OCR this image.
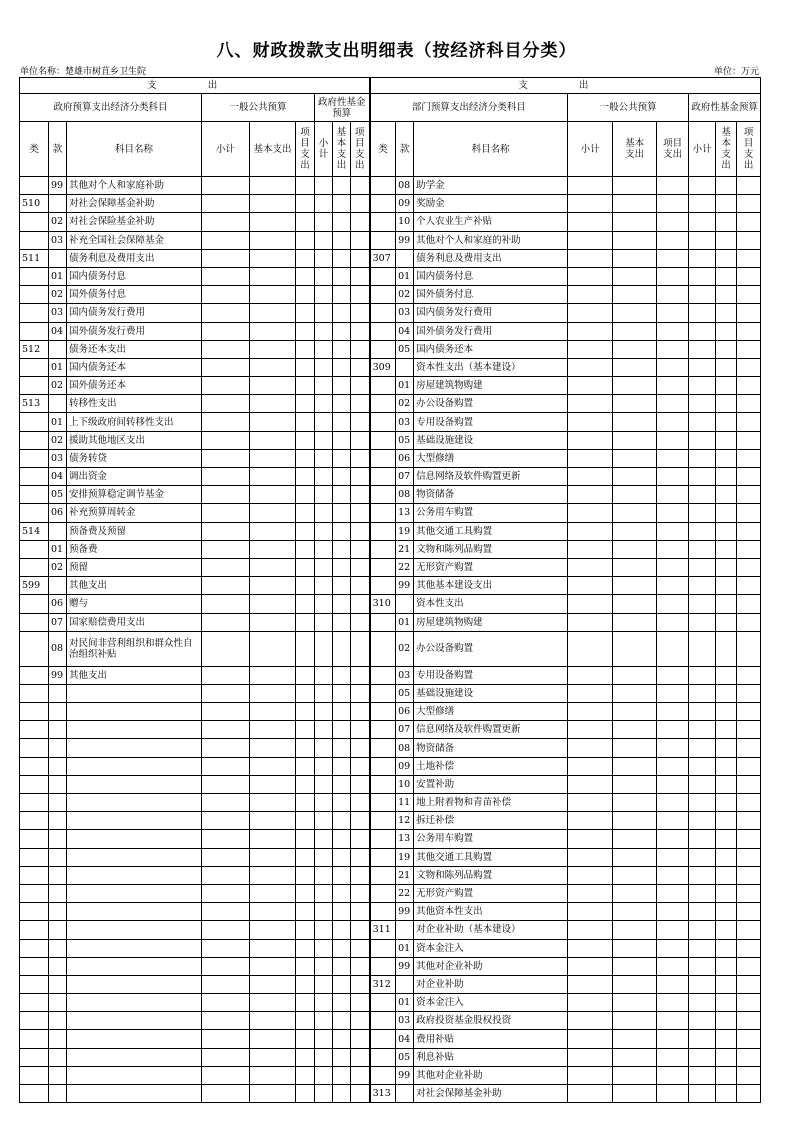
八、财政拨款支出明细表（按经济科目分类）
单位名称：楚雄市树苴乡卫生院	单位：万元
支 出									支 出								
政府预算支出经济分类科目			一般公共预算			政府性基金预算			部门预算支出经济分类科目			一般公共预算			政府性基金预算		
类	款	科目名称	小计	基本支出	项目支出	小计	基本支出	项目支出	类	款	科目名称	小计	基本支出	项目支出	小计	基本支出	项目支出
	99	其他对个人和家庭补助								08	助学金						
510		对社会保障基金补助								09	奖励金						
	02	对社会保险基金补助								10	个人农业生产补贴						
	03	补充全国社会保障基金								99	其他对个人和家庭的补助						
511		债务利息及费用支出							307		债务利息及费用支出						
	01	国内债务付息								01	国内债务付息						
	02	国外债务付息								02	国外债务付息						
	03	国内债务发行费用								03	国内债务发行费用						
	04	国外债务发行费用								04	国外债务发行费用						
512		债务还本支出								05	国内债务还本						
	01	国内债务还本							309		资本性支出（基本建设）						
	02	国外债务还本								01	房屋建筑物购建						
513		转移性支出								02	办公设备购置						
	01	上下级政府间转移性支出								03	专用设备购置						
	02	援助其他地区支出								05	基础设施建设						
	03	债务转贷								06	大型修缮						
	04	调出资金								07	信息网络及软件购置更新						
	05	安排预算稳定调节基金								08	物资储备						
	06	补充预算周转金								13	公务用车购置						
514		预备费及预留								19	其他交通工具购置						
	01	预备费								21	文物和陈列品购置						
	02	预留								22	无形资产购置						
599		其他支出								99	其他基本建设支出						
	06	赠与							310		资本性支出						
	07	国家赔偿费用支出								01	房屋建筑物购建						
	08	对民间非营利组织和群众性自治组织补贴								02	办公设备购置						
	99	其他支出								03	专用设备购置						
										05	基础设施建设						
										06	大型修缮						
										07	信息网络及软件购置更新						
										08	物资储备						
										09	土地补偿						
										10	安置补助						
										11	地上附着物和青苗补偿						
										12	拆迁补偿						
										13	公务用车购置						
										19	其他交通工具购置						
										21	文物和陈列品购置						
										22	无形资产购置						
										99	其他资本性支出						
									311		对企业补助（基本建设）						
										01	资本金注入						
										99	其他对企业补助						
									312		对企业补助						
										01	资本金注入						
										03	政府投资基金股权投资						
										04	费用补贴						
										05	利息补贴						
										99	其他对企业补助						
									313		对社会保障基金补助						
